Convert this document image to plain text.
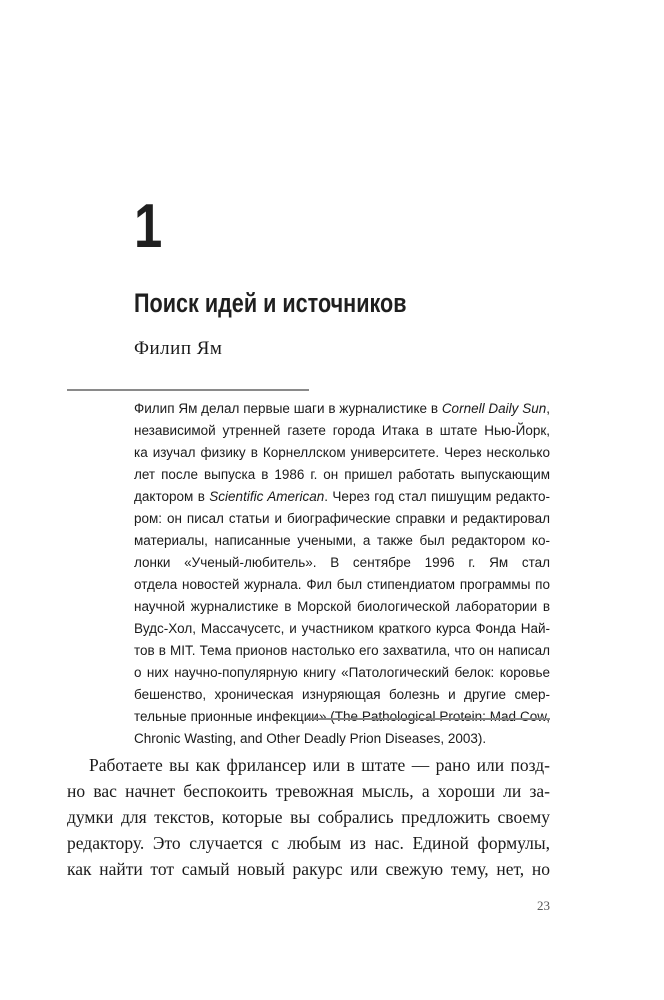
1
Поиск идей и источников

Филип Ям

Филип Ям делал первые шаги в журналистике в Cornell Daily Sun,
независимой утренней газете города Итака в штате Нью-Йорк,
ка изучал физику в Корнеллском университете. Через несколько
лет после выпуска в 1986 г. он пришел работать выпускающим
дактором в Scientific American. Через год стал пишущим редакто-
ром: он писал статьи и биографические справки и редактировал
материалы, написанные учеными, а также был редактором ко-
лонки «Ученый-любитель». В сентябре 1996 г. Ям стал
отдела новостей журнала. Фил был стипендиатом программы по
научной журналистике в Морской биологической лаборатории в
Вудс-Хол, Массачусетс, и участником краткого курса Фонда Най-
тов в MIT. Тема прионов настолько его захватила, что он написал
о них научно-популярную книгу «Патологический белок: коровье
бешенство, хроническая изнуряющая болезнь и другие смер-
тельные прионные инфекции» (The Pathological Protein: Mad Cow,
Chronic Wasting, and Other Deadly Prion Diseases, 2003).
Работаете вы как фрилансер или в штате — рано или позд-
но вас начнет беспокоить тревожная мысль, а хороши ли за-
думки для текстов, которые вы собрались предложить своему
редактору. Это случается с любым из нас. Единой формулы,
как найти тот самый новый ракурс или свежую тему, нет, но

23
